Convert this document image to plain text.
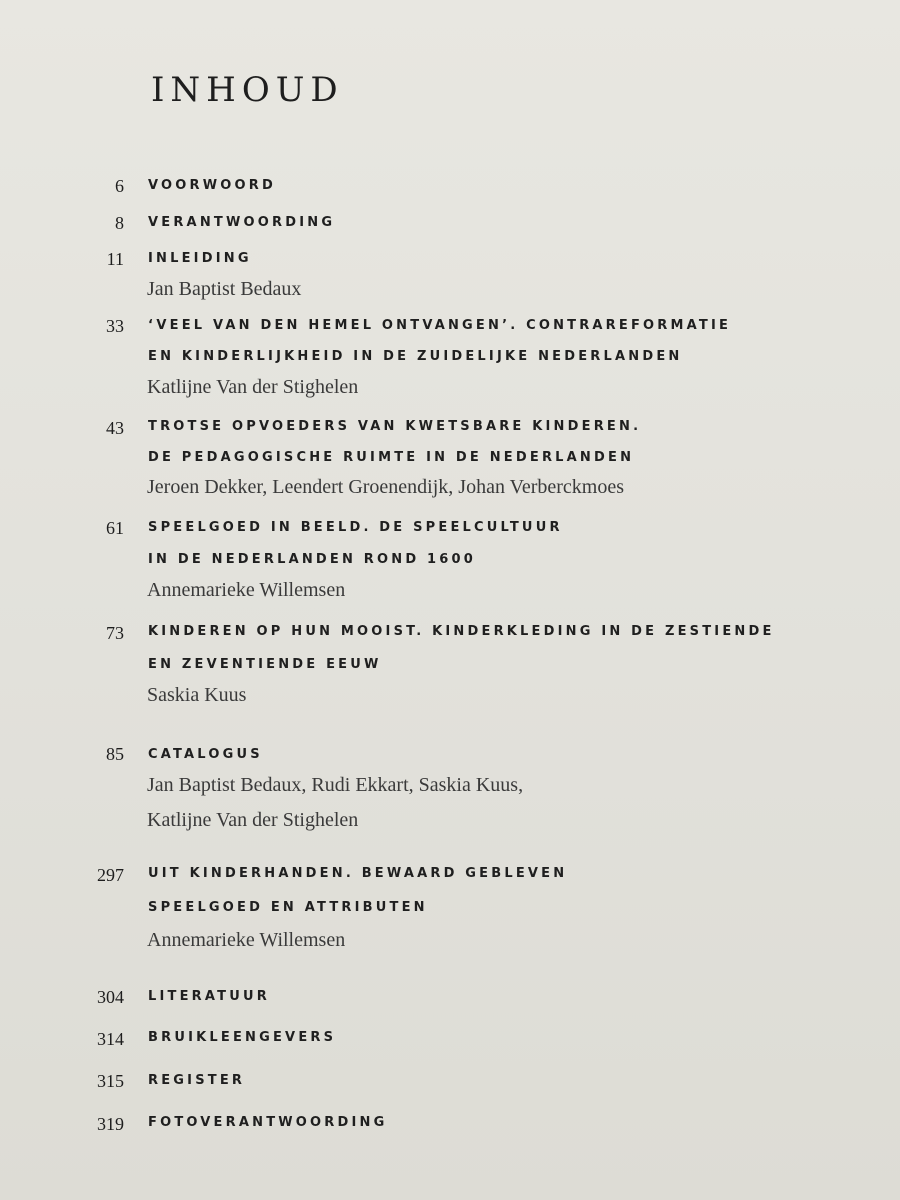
INHOUD
6 VOORWOORD
8 VERANTWOORDING
11 INLEIDING
Jan Baptist Bedaux
33 ‘VEEL VAN DEN HEMEL ONTVANGEN’. CONTRAREFORMATIE
EN KINDERLIJKHEID IN DE ZUIDELIJKE NEDERLANDEN
Katlijne Van der Stighelen
43 TROTSE OPVOEDERS VAN KWETSBARE KINDEREN.
DE PEDAGOGISCHE RUIMTE IN DE NEDERLANDEN
Jeroen Dekker, Leendert Groenendijk, Johan Verberckmoes
61 SPEELGOED IN BEELD. DE SPEELCULTUUR
IN DE NEDERLANDEN ROND 1600
Annemarieke Willemsen
73 KINDEREN OP HUN MOOIST. KINDERKLEDING IN DE ZESTIENDE
EN ZEVENTIENDE EEUW
Saskia Kuus
85 CATALOGUS
Jan Baptist Bedaux, Rudi Ekkart, Saskia Kuus,
Katlijne Van der Stighelen
297 UIT KINDERHANDEN. BEWAARD GEBLEVEN
SPEELGOED EN ATTRIBUTEN
Annemarieke Willemsen
304 LITERATUUR
314 BRUIKLEENGEVERS
315 REGISTER
319 FOTOVERANTWOORDING
